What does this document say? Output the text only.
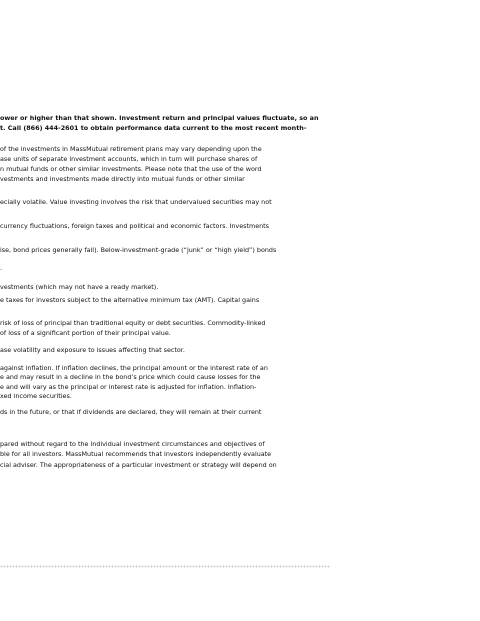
ower or higher than that shown. Investment return and principal values fluctuate, so an
t. Call (866) 444-2601 to obtain performance data current to the most recent month-
of the investments in MassMutual retirement plans may vary depending upon the
ase units of separate investment accounts, which in turn will purchase shares of
n mutual funds or other similar investments. Please note that the use of the word
vestments and investments made directly into mutual funds or other similar
ecially volatile. Value investing involves the risk that undervalued securities may not
currency fluctuations, foreign taxes and political and economic factors. Investments
ise, bond prices generally fall). Below-investment-grade (“junk” or “high yield”) bonds
.
vestments (which may not have a ready market).
e taxes for investors subject to the alternative minimum tax (AMT). Capital gains
risk of loss of principal than traditional equity or debt securities. Commodity-linked
of loss of a significant portion of their principal value.
ase volatility and exposure to issues affecting that sector.
against inflation. If inflation declines, the principal amount or the interest rate of an
e and may result in a decline in the bond’s price which could cause losses for the
e and will vary as the principal or interest rate is adjusted for inflation. Inflation-
xed income securities.
ds in the future, or that if dividends are declared, they will remain at their current
pared without regard to the individual investment circumstances and objectives of
ble for all investors. MassMutual recommends that investors independently evaluate
cial adviser. The appropriateness of a particular investment or strategy will depend on
